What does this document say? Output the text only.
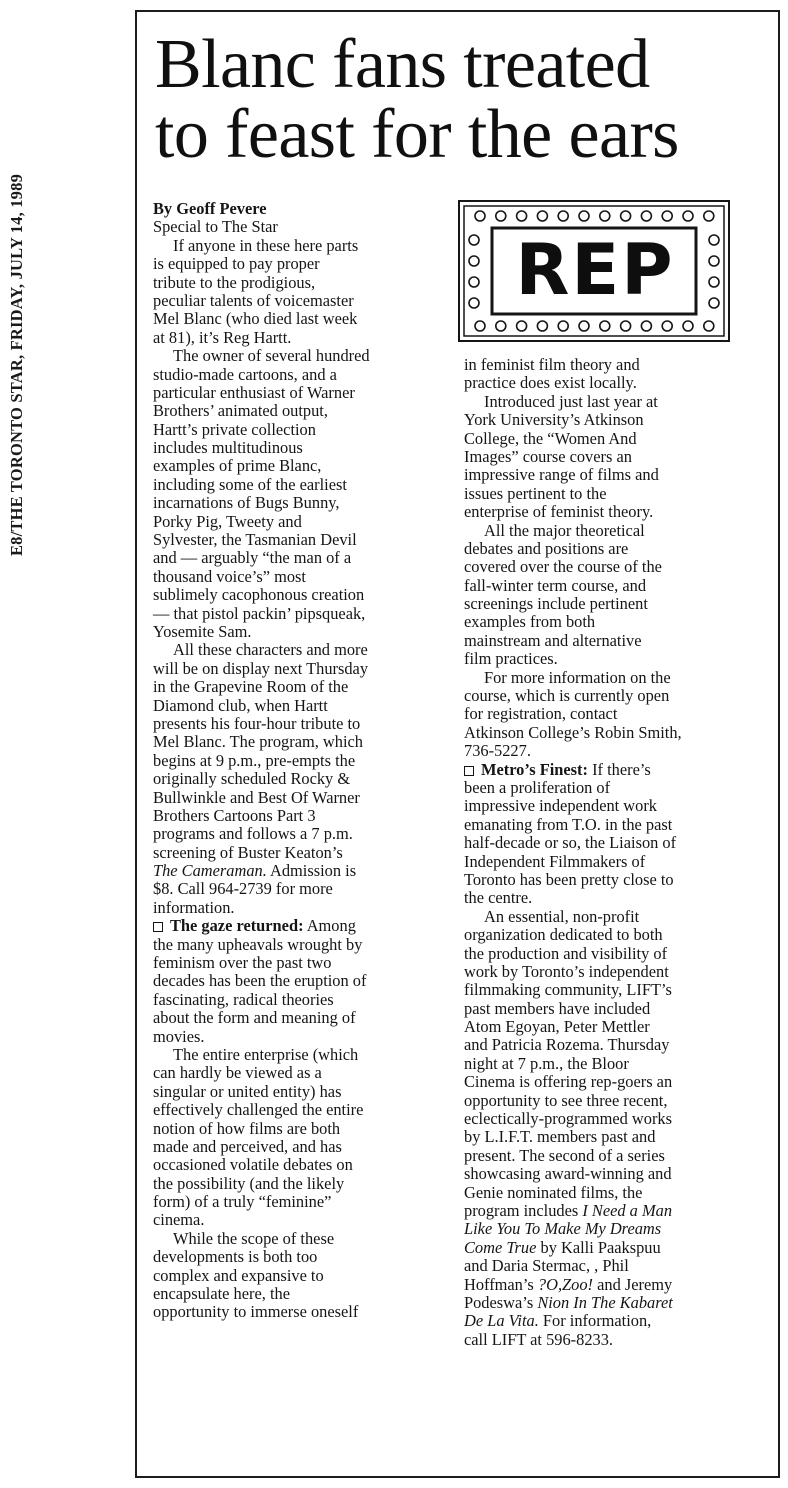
E8/THE TORONTO STAR, FRIDAY, JULY 14, 1989
Blanc fans treated
to feast for the ears
REP
By Geoff Pevere
Special to The Star
If anyone in these here parts
is equipped to pay proper
tribute to the prodigious,
peculiar talents of voicemaster
Mel Blanc (who died last week
at 81), it’s Reg Hartt.
The owner of several hundred
studio-made cartoons, and a
particular enthusiast of Warner
Brothers’ animated output,
Hartt’s private collection
includes multitudinous
examples of prime Blanc,
including some of the earliest
incarnations of Bugs Bunny,
Porky Pig, Tweety and
Sylvester, the Tasmanian Devil
and — arguably “the man of a
thousand voice’s” most
sublimely cacophonous creation
— that pistol packin’ pipsqueak,
Yosemite Sam.
All these characters and more
will be on display next Thursday
in the Grapevine Room of the
Diamond club, when Hartt
presents his four-hour tribute to
Mel Blanc. The program, which
begins at 9 p.m., pre-empts the
originally scheduled Rocky &
Bullwinkle and Best Of Warner
Brothers Cartoons Part 3
programs and follows a 7 p.m.
screening of Buster Keaton’s
The Cameraman. Admission is
$8. Call 964-2739 for more
information.
The gaze returned: Among
the many upheavals wrought by
feminism over the past two
decades has been the eruption of
fascinating, radical theories
about the form and meaning of
movies.
The entire enterprise (which
can hardly be viewed as a
singular or united entity) has
effectively challenged the entire
notion of how films are both
made and perceived, and has
occasioned volatile debates on
the possibility (and the likely
form) of a truly “feminine”
cinema.
While the scope of these
developments is both too
complex and expansive to
encapsulate here, the
opportunity to immerse oneself
in feminist film theory and
practice does exist locally.
Introduced just last year at
York University’s Atkinson
College, the “Women And
Images” course covers an
impressive range of films and
issues pertinent to the
enterprise of feminist theory.
All the major theoretical
debates and positions are
covered over the course of the
fall-winter term course, and
screenings include pertinent
examples from both
mainstream and alternative
film practices.
For more information on the
course, which is currently open
for registration, contact
Atkinson College’s Robin Smith,
736-5227.
Metro’s Finest: If there’s
been a proliferation of
impressive independent work
emanating from T.O. in the past
half-decade or so, the Liaison of
Independent Filmmakers of
Toronto has been pretty close to
the centre.
An essential, non-profit
organization dedicated to both
the production and visibility of
work by Toronto’s independent
filmmaking community, LIFT’s
past members have included
Atom Egoyan, Peter Mettler
and Patricia Rozema. Thursday
night at 7 p.m., the Bloor
Cinema is offering rep-goers an
opportunity to see three recent,
eclectically-programmed works
by L.I.F.T. members past and
present. The second of a series
showcasing award-winning and
Genie nominated films, the
program includes I Need a Man
Like You To Make My Dreams
Come True by Kalli Paakspuu
and Daria Stermac, , Phil
Hoffman’s ?O,Zoo! and Jeremy
Podeswa’s Nion In The Kabaret
De La Vita. For information,
call LIFT at 596-8233.
